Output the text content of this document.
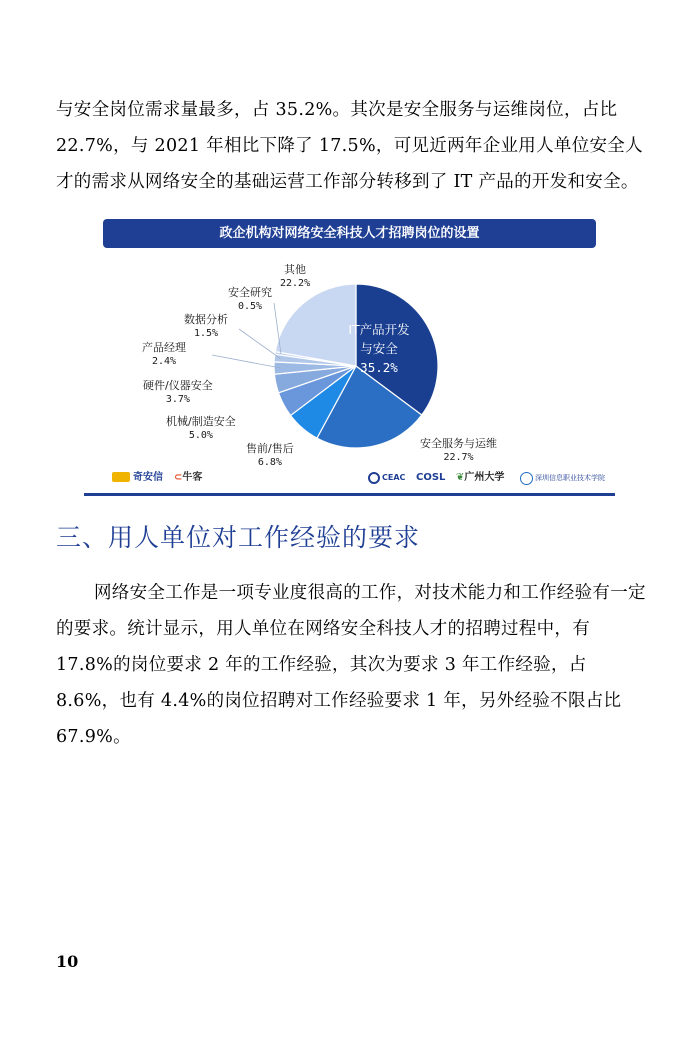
与安全岗位需求量最多，占 35.2%。其次是安全服务与运维岗位，占比22.7%，与 2021 年相比下降了 17.5%，可见近两年企业用人单位安全人才的需求从网络安全的基础运营工作部分转移到了 IT 产品的开发和安全。

政企机构对网络安全科技人才招聘岗位的设置
IT产品开发与安全
35.2%
安全服务与运维
22.7%
售前/售后
6.8%
机械/制造安全
5.0%
硬件/仪器安全
3.7%
产品经理
2.4%
数据分析
1.5%
安全研究
0.5%
其他
22.2%
奇安信 ⊂牛客	CEAC COSL ❦广州大学	深圳信息职业技术学院
三、用人单位对工作经验的要求

网络安全工作是一项专业度很高的工作，对技术能力和工作经验有一定的要求。统计显示，用人单位在网络安全科技人才的招聘过程中，有 17.8%的岗位要求 2 年的工作经验，其次为要求 3 年工作经验，占 8.6%，也有 4.4%的岗位招聘对工作经验要求 1 年，另外经验不限占比 67.9%。

10
